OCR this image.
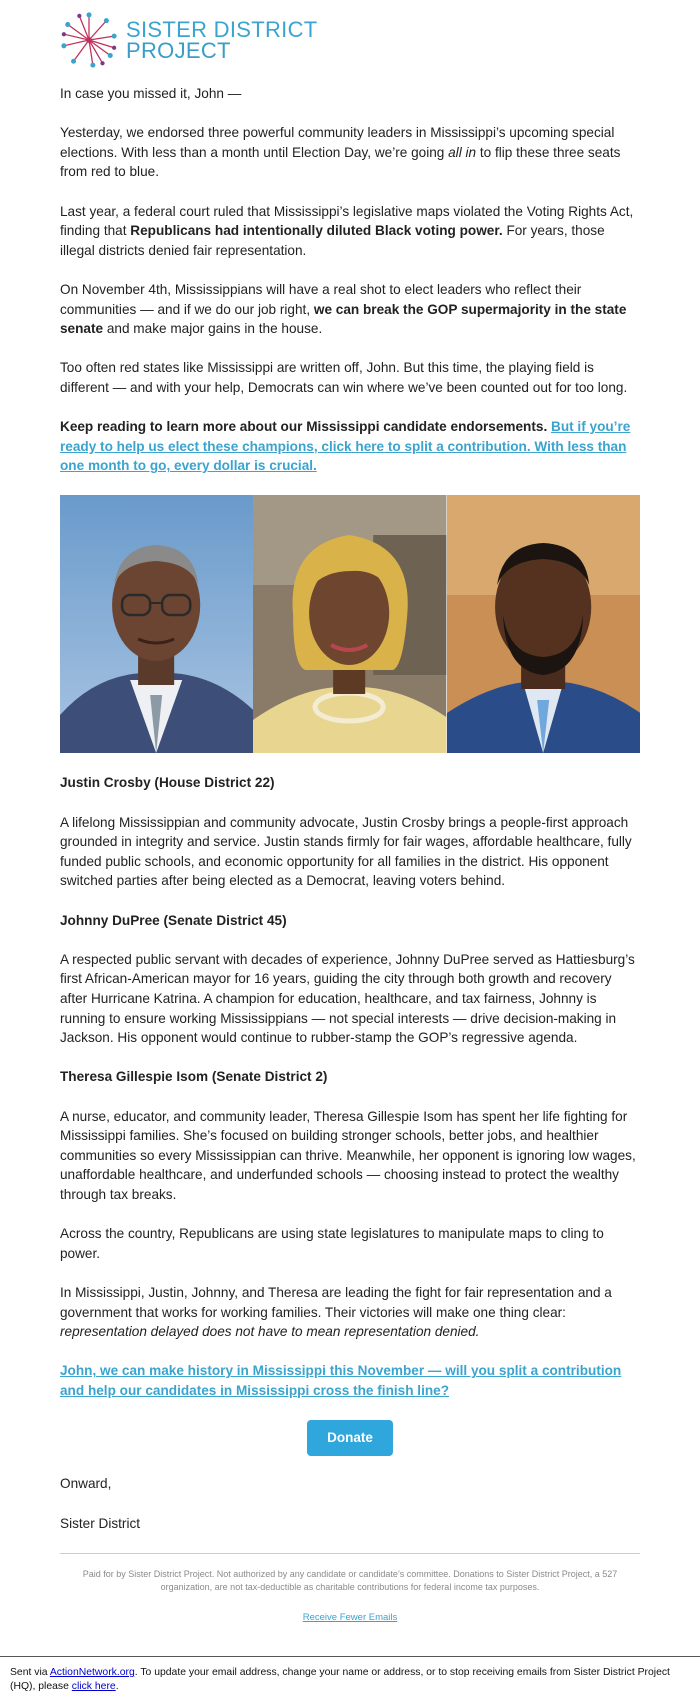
SISTER DISTRICT
PROJECT

In case you missed it, John —

Yesterday, we endorsed three powerful community leaders in Mississippi’s upcoming special elections. With less than a month until Election Day, we’re going all in to flip these three seats from red to blue.

Last year, a federal court ruled that Mississippi’s legislative maps violated the Voting Rights Act, finding that Republicans had intentionally diluted Black voting power. For years, those illegal districts denied fair representation.

On November 4th, Mississippians will have a real shot to elect leaders who reflect their communities — and if we do our job right, we can break the GOP supermajority in the state senate and make major gains in the house.

Too often red states like Mississippi are written off, John. But this time, the playing field is different — and with your help, Democrats can win where we’ve been counted out for too long.

Keep reading to learn more about our Mississippi candidate endorsements. But if you’re ready to help us elect these champions, click here to split a contribution. With less than one month to go, every dollar is crucial.

Justin Crosby (House District 22)

A lifelong Mississippian and community advocate, Justin Crosby brings a people-first approach grounded in integrity and service. Justin stands firmly for fair wages, affordable healthcare, fully funded public schools, and economic opportunity for all families in the district. His opponent switched parties after being elected as a Democrat, leaving voters behind.

Johnny DuPree (Senate District 45)

A respected public servant with decades of experience, Johnny DuPree served as Hattiesburg’s first African-American mayor for 16 years, guiding the city through both growth and recovery after Hurricane Katrina. A champion for education, healthcare, and tax fairness, Johnny is running to ensure working Mississippians — not special interests — drive decision-making in Jackson. His opponent would continue to rubber-stamp the GOP’s regressive agenda.

Theresa Gillespie Isom (Senate District 2)

A nurse, educator, and community leader, Theresa Gillespie Isom has spent her life fighting for Mississippi families. She’s focused on building stronger schools, better jobs, and healthier communities so every Mississippian can thrive. Meanwhile, her opponent is ignoring low wages, unaffordable healthcare, and underfunded schools — choosing instead to protect the wealthy through tax breaks.

Across the country, Republicans are using state legislatures to manipulate maps to cling to power.

In Mississippi, Justin, Johnny, and Theresa are leading the fight for fair representation and a government that works for working families. Their victories will make one thing clear: representation delayed does not have to mean representation denied.

John, we can make history in Mississippi this November — will you split a contribution and help our candidates in Mississippi cross the finish line?

Donate

Onward,

Sister District

Paid for by Sister District Project. Not authorized by any candidate or candidate’s committee. Donations to Sister District Project, a 527 organization, are not tax-deductible as charitable contributions for federal income tax purposes.

Receive Fewer Emails

Sent via ActionNetwork.org. To update your email address, change your name or address, or to stop receiving emails from Sister District Project (HQ), please click here.
